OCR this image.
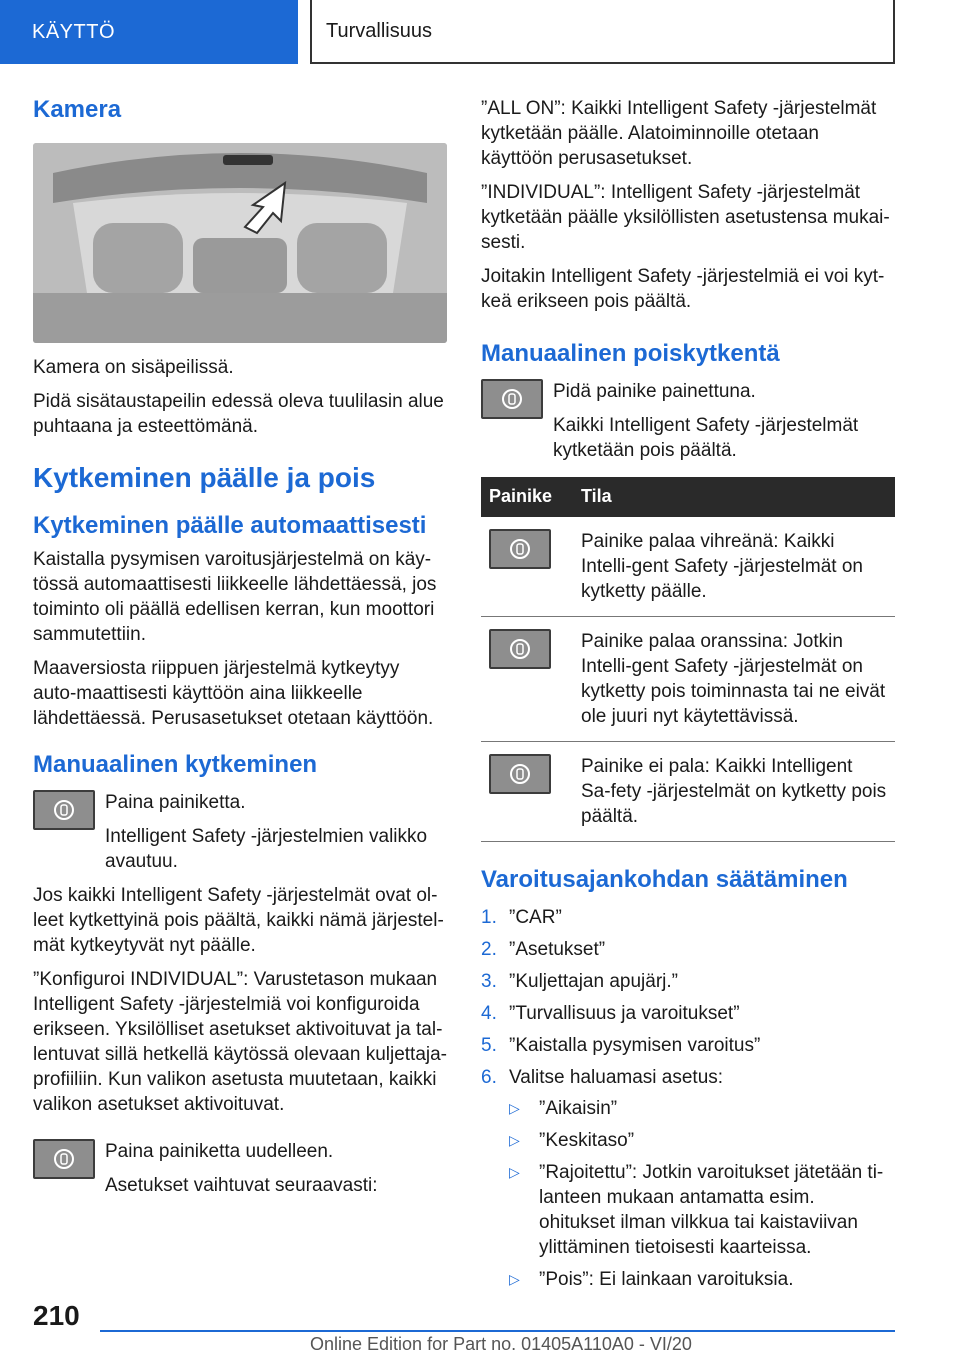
KÄYTTÖ	Turvallisuus
Kamera

Kamera on sisäpeilissä.

Pidä sisätaustapeilin edessä oleva tuulilasin alue puhtaana ja esteettömänä.

Kytkeminen päälle ja pois
Kytkeminen päälle automaattisesti

Kaistalla pysymisen varoitusjärjestelmä on käy-tössä automaattisesti liikkeelle lähdettäessä, jos toiminto oli päällä edellisen kerran, kun moottori sammutettiin.

Maaversiosta riippuen järjestelmä kytkeytyy auto-maattisesti käyttöön aina liikkeelle lähdettäessä. Perusasetukset otetaan käyttöön.

Manuaalinen kytkeminen

Paina painiketta.

Intelligent Safety -järjestelmien valikko avautuu.

Jos kaikki Intelligent Safety -järjestelmät ovat ol-leet kytkettyinä pois päältä, kaikki nämä järjestel-mät kytkeytyvät nyt päälle.

”Konfiguroi INDIVIDUAL”: Varustetason mukaan Intelligent Safety -järjestelmiä voi konfiguroida erikseen. Yksilölliset asetukset aktivoituvat ja tal-lentuvat sillä hetkellä käytössä olevaan kuljettaja-profiiliin. Kun valikon asetusta muutetaan, kaikki valikon asetukset aktivoituvat.

Paina painiketta uudelleen.

Asetukset vaihtuvat seuraavasti:

”ALL ON”: Kaikki Intelligent Safety -järjestelmät kytketään päälle. Alatoiminnoille otetaan käyttöön perusasetukset.

”INDIVIDUAL”: Intelligent Safety -järjestelmät kytketään päälle yksilöllisten asetustensa mukai-sesti.

Joitakin Intelligent Safety -järjestelmiä ei voi kyt-keä erikseen pois päältä.

Manuaalinen poiskytkentä

Pidä painike painettuna.

Kaikki Intelligent Safety -järjestelmät kytketään pois päältä.

Painike	Tila

	Painike palaa vihreänä: Kaikki Intelli-gent Safety -järjestelmät on kytketty päälle.

	Painike palaa oranssina: Jotkin Intelli-gent Safety -järjestelmät on kytketty pois toiminnasta tai ne eivät ole juuri nyt käytettävissä.

	Painike ei pala: Kaikki Intelligent Sa-fety -järjestelmät on kytketty pois päältä.
Varoitusajankohdan säätäminen
1. ”CAR”
2. ”Asetukset”
3. ”Kuljettajan apujärj.”
4. ”Turvallisuus ja varoitukset”
5. ”Kaistalla pysymisen varoitus”
6. Valitse haluamasi asetus:
▷	”Aikaisin”
▷	”Keskitaso”
▷	”Rajoitettu”: Jotkin varoitukset jätetään ti-lanteen mukaan antamatta esim. ohitukset ilman vilkkua tai kaistaviivan ylittäminen tietoisesti kaarteissa.
▷	”Pois”: Ei lainkaan varoituksia.
210
Online Edition for Part no. 01405A110A0 - VI/20
